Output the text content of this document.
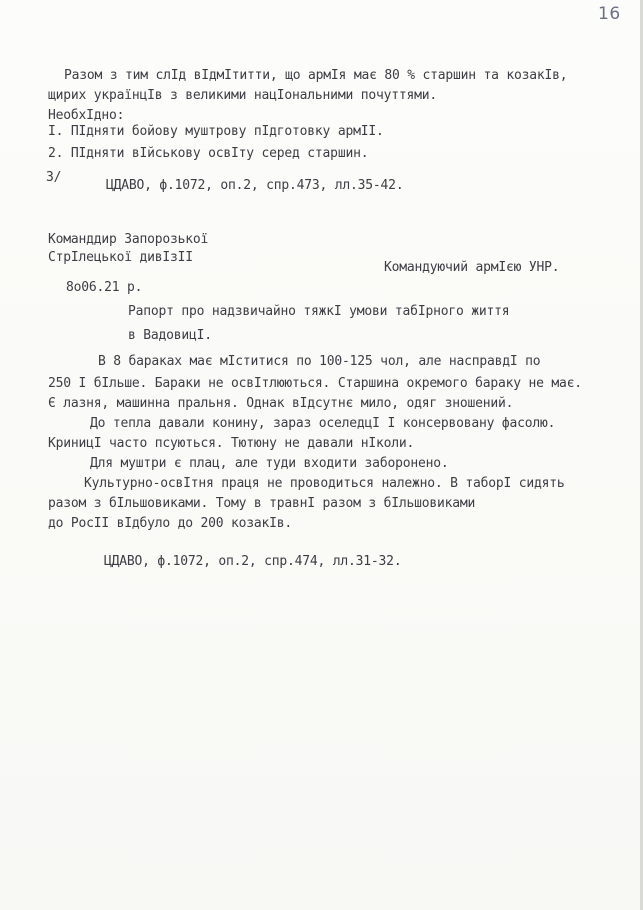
16
Разом з тим слІд вІдмІтитти, що армІя має 80 % старшин та козакІв,
щирих українцІв з великими нацІональними почуттями.
НеобхІдно:
I. ПІдняти бойову муштрову пІдготовку армІІ.
2. ПІдняти вІйськову освІту серед старшин.
3/
ЦДАВО, ф.1072, оп.2, спр.473, лл.35-42.
Команддир Запорозької
СтрІлецької дивІзІІ
Командуючий армІєю УНР.
8о06.21 р.
Рапорт про надзвичайно тяжкІ умови табІрного життя
в ВадовицІ.
В 8 бараках має мІститися по 100-125 чол, але насправдІ по
250 І бІльше. Бараки не освІтлюються. Старшина окремого бараку не має.
Є лазня, машинна пральня. Однак вІдсутнє мило, одяг зношений.
До тепла давали конину, зараз оселедцІ І консервовану фасолю.
КриницІ часто псуються. Тютюну не давали нІколи.
Для муштри є плац, але туди входити заборонено.
Культурно-освІтня праця не проводиться належно. В таборІ сидять
разом з бІльшовиками. Тому в травнІ разом з бІльшовиками
до РосІІ вІдбуло до 200 козакІв.
ЦДАВО, ф.1072, оп.2, спр.474, лл.31-32.
